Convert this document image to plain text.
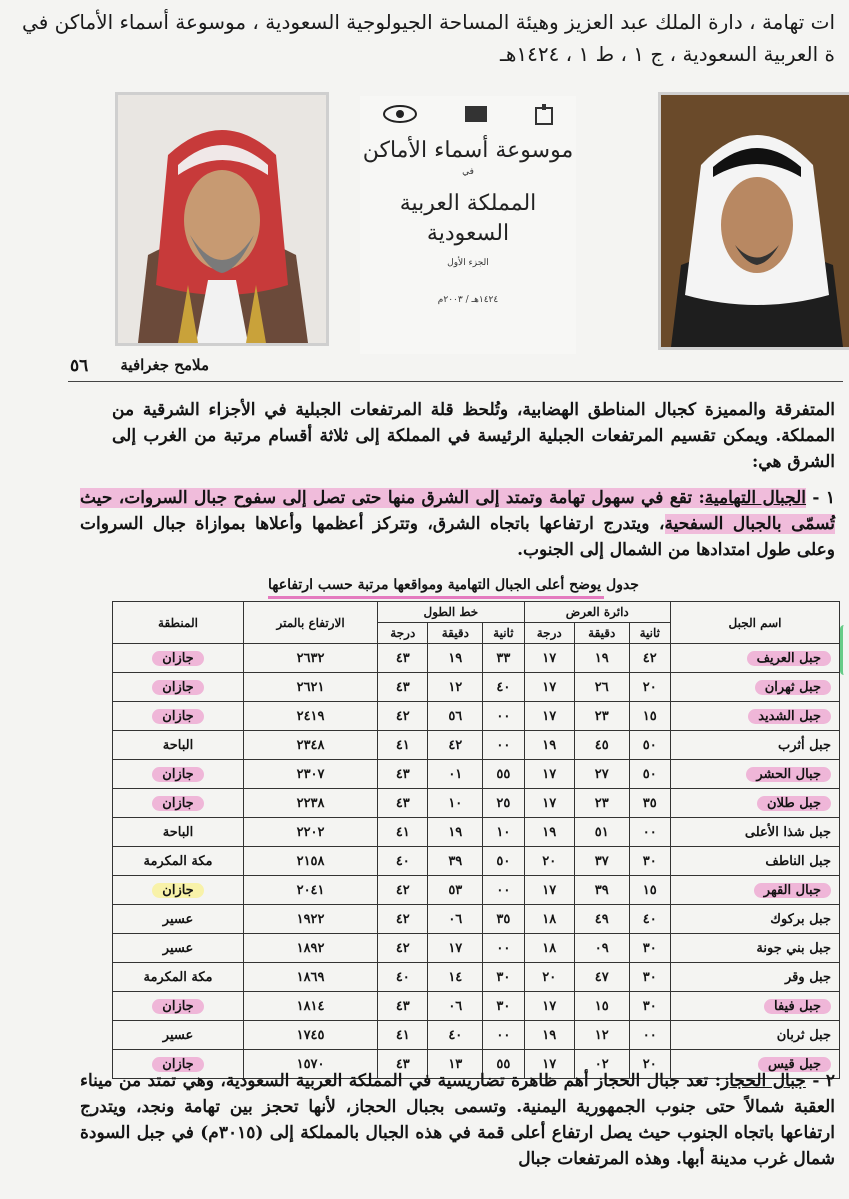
ات تهامة ، دارة الملك عبد العزيز وهيئة المساحة الجيولوجية السعودية ، موسوعة أسماء الأماكن في
ة العربية السعودية ، ج ١ ، ط ١ ، ١٤٢٤هـ
موسوعة أسماء الأماكن
في
المملكة العربية السعودية
الجزء الأول
١٤٢٤هـ / ٢٠٠٣م
٥٦ ملامح جغرافية
المتفرقة والمميزة كجبال المناطق الهضابية، وتُلحظ قلة المرتفعات الجبلية في الأجزاء الشرقية من المملكة. ويمكن تقسيم المرتفعات الجبلية الرئيسة في المملكة إلى ثلاثة أقسام مرتبة من الغرب إلى الشرق هي:
١ - الجبال التهامية: تقع في سهول تهامة وتمتد إلى الشرق منها حتى تصل إلى سفوح جبال السروات، حيث تُسمّى بالجبال السفحية، ويتدرج ارتفاعها باتجاه الشرق، وتتركز أعظمها وأعلاها بموازاة جبال السروات وعلى طول امتدادها من الشمال إلى الجنوب.
جدول يوضح أعلى الجبال التهامية ومواقعها مرتبة حسب ارتفاعها
اسم الجبل	دائرة العرض			خط الطول			الارتفاع بالمتر	المنطقة
	ثانية	دقيقة	درجة	ثانية	دقيقة	درجة		
جبل العريف	٤٢	١٩	١٧	٣٣	١٩	٤٣	٢٦٣٢	جازان
جبل ثهران	٢٠	٢٦	١٧	٤٠	١٢	٤٣	٢٦٢١	جازان
جبل الشديد	١٥	٢٣	١٧	٠٠	٥٦	٤٢	٢٤١٩	جازان
جبل أثرب	٥٠	٤٥	١٩	٠٠	٤٢	٤١	٢٣٤٨	الباحة
جبال الحشر	٥٠	٢٧	١٧	٥٥	٠١	٤٣	٢٣٠٧	جازان
جبل طلان	٣٥	٢٣	١٧	٢٥	١٠	٤٣	٢٢٣٨	جازان
جبل شذا الأعلى	٠٠	٥١	١٩	١٠	١٩	٤١	٢٢٠٢	الباحة
جبل الناطف	٣٠	٣٧	٢٠	٥٠	٣٩	٤٠	٢١٥٨	مكة المكرمة
جبال القهر	١٥	٣٩	١٧	٠٠	٥٣	٤٢	٢٠٤١	جازان
جبل بركوك	٤٠	٤٩	١٨	٣٥	٠٦	٤٢	١٩٢٢	عسير
جبل بني جونة	٣٠	٠٩	١٨	٠٠	١٧	٤٢	١٨٩٢	عسير
جبل وقر	٣٠	٤٧	٢٠	٣٠	١٤	٤٠	١٨٦٩	مكة المكرمة
جبل فيفا	٣٠	١٥	١٧	٣٠	٠٦	٤٣	١٨١٤	جازان
جبل ثربان	٠٠	١٢	١٩	٠٠	٤٠	٤١	١٧٤٥	عسير
جبل قيس	٢٠	٠٢	١٧	٥٥	١٣	٤٣	١٥٧٠	جازان
٢ - جبال الحجاز: تعد جبال الحجاز أهم ظاهرة تضاريسية في المملكة العربية السعودية، وهي تمتد من ميناء العقبة شمالاً حتى جنوب الجمهورية اليمنية. وتسمى بجبال الحجاز، لأنها تحجز بين تهامة ونجد، ويتدرج ارتفاعها باتجاه الجنوب حيث يصل ارتفاع أعلى قمة في هذه الجبال بالمملكة إلى (٣٠١٥م) في جبل السودة شمال غرب مدينة أبها. وهذه المرتفعات جبال
